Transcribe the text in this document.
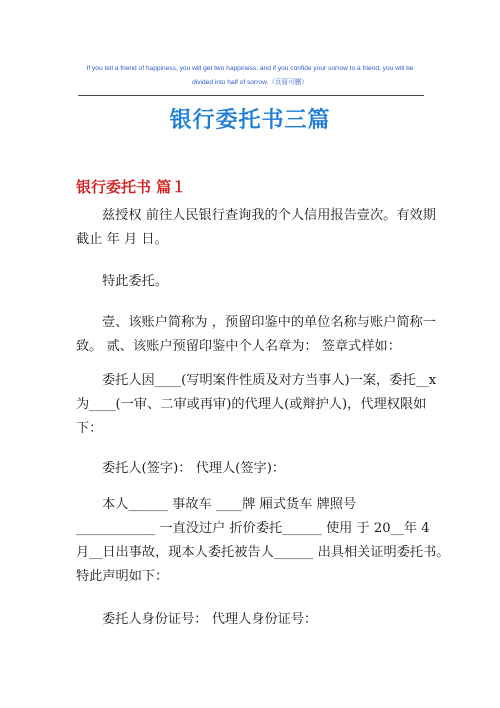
If you tell a friend of happiness, you will get two happiness, and if you confide your sorrow to a friend, you will be
divided into half of sorrow.（页眉可删）
银行委托书三篇
银行委托书 篇１

兹授权 前往人民银行查询我的个人信用报告壹次。有效期
截止 年 月 日。

特此委托。

壹、该账户简称为 ，预留印鉴中的单位名称与账户简称一
致。 贰、该账户预留印鉴中个人名章为： 签章式样如：

委托人因____(写明案件性质及对方当事人)一案，委托__x
为____(一审、二审或再审)的代理人(或辩护人)，代理权限如
下：

委托人(签字)： 代理人(签字)：

本人______ 事故车 ____牌 厢式货车 牌照号
____________ 一直没过户 折价委托______ 使用 于 20__年 4
月__日出事故，现本人委托被告人______ 出具相关证明委托书。
特此声明如下：

委托人身份证号： 代理人身份证号：
